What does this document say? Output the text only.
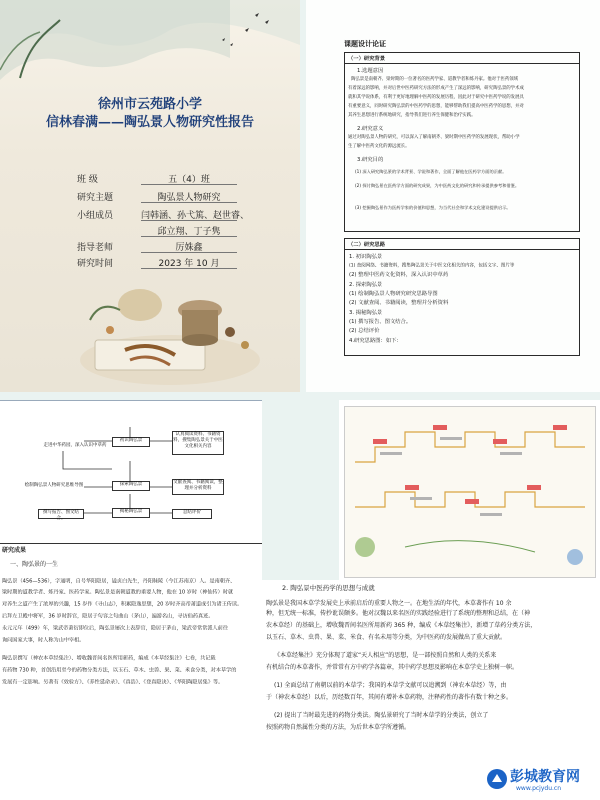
徐州市云苑路小学
信林春满——陶弘景人物研究性报告
班 级	五（4）班
研究主题	陶弘景人物研究
小组成员	闫韩涵、孙弋篤、赵世睿、
邱立翔、丁子隽
指导老师	厉姝鑫
研究时间	2023 年 10 月
课题设计论证
（一）研究背景
1.选题意因
陶弘景是南朝齐、梁时期的一位著名的医药学家、道教学者和炼丹家。他对于医药领域
有着深远的影响，并对后世中医药研究方法的形成产生了深远的影响，研究陶弘景的学术成
就和其学说体系，有利于更好地理解中医药的发展历程，因此对于研究中医药学说的发展具
有重要意义，同时研究陶弘景的中医药学的思想，能够帮助我们提高中医药学的思想，并对
其养生思想进行系统地研究，指导我们进行养生保健和治疗实践。
2.研究意义
通过对陶弘景人物的研究，可以深入了解南朝齐、梁时期中医药学的发展现状，帮助小学
生了解中医药文化的源远流长。
3.研究目的
(1) 深入研究陶弘景的学术背景、学说和著作，全面了解他在医药学方面的贡献。
(2) 探讨陶弘景在医药学方面的研究成果，为中医药文化的研究和传承提供参考和借鉴。
(3) 挖掘陶弘景作为医药学家的价值和思想，为当代社会和学术文化建设提供启示。
（二）研究思路
1. 初识陶弘景
(1) 查阅网络、书籍资料，搜集陶弘景关于中医文化相关的内容，包括文字、图片等
(2) 整理中医药文化资料，深入认识中草药
2. 探索陶弘景
(1) 绘制陶弘景人物研究研究思路导图
(2) 文献查阅、书籍阅读，整理并分析资料
3. 揭秘陶弘景
(1) 撰写报告、图文结合。
(2) 总结评价
4.研究思路图：如下：
初识陶弘景
探索陶弘景
揭秘陶弘景
走进中华药园，深入认识中草药
认真阅读资料、书籍资料，搜集陶弘景关于中医文化相关内容
文献查阅、书籍阅读，整理并分析资料
绘制陶弘景人物研究思维导图
撰写报告、图文结合。
总结评价
研究成果
一、陶弘景的一生
陶弘景（456—536），字通明，自号华阳隐居，谥贞白先生，丹阳秣陵（今江苏南京）人。是南朝齐、
梁时期的道教学者、炼丹家、医药学家。陶弘景是南朝道教的重要人物，他在 10 岁时（神仙传）时就
对养生之道产生了浓厚的兴趣，15 岁作《寻山志》，积累隐逸思想，20 岁时齐高帝萧道成引为诸王侍读。
后拜左卫殿中将军，36 岁时辞官，隐居于句容之句曲山（茅山），遍游名山，寻访仙药真迹。
永元元年（499）年，梁武帝萧衍即位后，陶弘景屡次上表辞官，隐居于茅山，梁武帝常常派人前往
询问国家大事，时人称为山中宰相。
陶弘景撰写（神农本草经集注）、增收魏晋间名医所用新药，编成《本草经集注》七卷，共记载
有药物 730 种，首创沿用至今的药物分类方法，以玉石、草木、虫兽、果、菜、米食分类，对本草学的
发展有一定影响。另著有《效验方》、《养性延命录》、《真诰》、《登真隐诀》、《华阳陶隐居集》等。
2. 陶弘景中医药学的思想与成就
陶弘景是我国本草学发展史上承前启后的重要人物之一。在地生活的年代，本草著作有 10 余
种，但无统一标准，传抄讹误颇多。他对汉魏以来名医的实践经验进行了系统的整理和总结，在（神
农本草经）的基础上，增收魏晋间名医所用新药 365 种，编成《本草经集注》，新增了草药分类方法，
以玉石、草木、虫兽、果、菜、米食、有名未用等分类，为中医药的发展做出了重大贡献。
《本草经集注》充分体现了道家“天人相应”的思想，是一部按照自然和人类的关系来
有机结合的本草著作，并常常有方中药学各篇章，其中药学思想及影响在本草学史上独树一帜。
(1) 全面总结了南朝以前的本草学；我国的本草学文献可以追溯到（神农本草经）等，由
于（神农本草经）以后，历经数百年，其间有增补本草药物，注释药性的著作有数十种之多。
(2) 提出了当时最先进的药物分类法。陶弘景研究了当时本草学的分类法，创立了
按照药物自然属性分类的方法，为后世本草学所遵循。
彭城教育网
www.pcjydu.cn
